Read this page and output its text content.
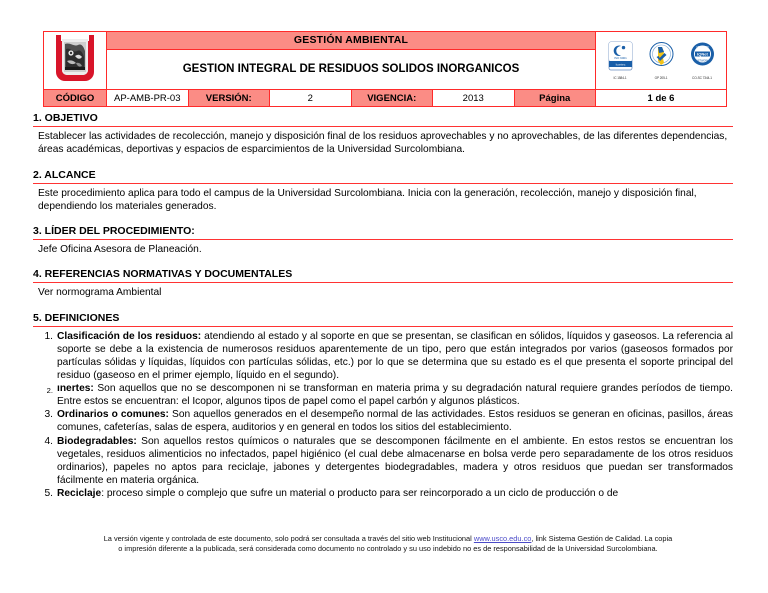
	GESTIÓN AMBIENTAL	
ISO 9001
Icontec
IC 1584-1	GP 205-1
CERTIFIED
IQNet
NETWORK
CO-SC 7344-1

	GESTION INTEGRAL DE RESIDUOS SOLIDOS INORGANICOS						
CÓDIGO	AP-AMB-PR-03	VERSIÓN:	2	VIGENCIA:	2013	Página	1 de 6
1. OBJETIVO

Establecer las actividades de recolección, manejo y disposición final de los residuos aprovechables y no aprovechables, de las diferentes dependencias, áreas académicas, deportivas y espacios de esparcimientos de la Universidad Surcolombiana.

2. ALCANCE

Este procedimiento aplica para todo el campus de la Universidad Surcolombiana. Inicia con la generación, recolección, manejo y disposición final, dependiendo los materiales generados.

3. LÍDER DEL PROCEDIMIENTO:

Jefe Oficina Asesora de Planeación.

4. REFERENCIAS NORMATIVAS Y DOCUMENTALES

Ver normograma Ambiental

5. DEFINICIONES
1. Clasificación de los residuos: atendiendo al estado y al soporte en que se presentan, se clasifican en sólidos, líquidos y gaseosos. La referencia al soporte se debe a la existencia de numerosos residuos aparentemente de un tipo, pero que están integrados por varios (gaseosos formados por partículas sólidas y líquidas, líquidos con partículas sólidas, etc.) por lo que se determina que su estado es el que presenta el soporte principal del residuo (gaseoso en el primer ejemplo, líquido en el segundo).
2. ınertes: Son aquellos que no se descomponen ni se transforman en materia prima y su degradación natural requiere grandes períodos de tiempo. Entre estos se encuentran: el Icopor, algunos tipos de papel como el papel carbón y algunos plásticos.
3. Ordinarios o comunes: Son aquellos generados en el desempeño normal de las actividades. Estos residuos se generan en oficinas, pasillos, áreas comunes, cafeterías, salas de espera, auditorios y en general en todos los sitios del establecimiento.
4. Biodegradables: Son aquellos restos químicos o naturales que se descomponen fácilmente en el ambiente. En estos restos se encuentran los vegetales, residuos alimenticios no infectados, papel higiénico (el cual debe almacenarse en bolsa verde pero separadamente de los otros residuos ordinarios), papeles no aptos para reciclaje, jabones y detergentes biodegradables, madera y otros residuos que puedan ser transformados fácilmente en materia orgánica.
5. Reciclaje: proceso simple o complejo que sufre un material o producto para ser reincorporado a un ciclo de producción o de
La versión vigente y controlada de este documento, solo podrá ser consultada a través del sitio web Institucional www.usco.edu.co, link Sistema Gestión de Calidad. La copia
o impresión diferente a la publicada, será considerada como documento no controlado y su uso indebido no es de responsabilidad de la Universidad Surcolombiana.
